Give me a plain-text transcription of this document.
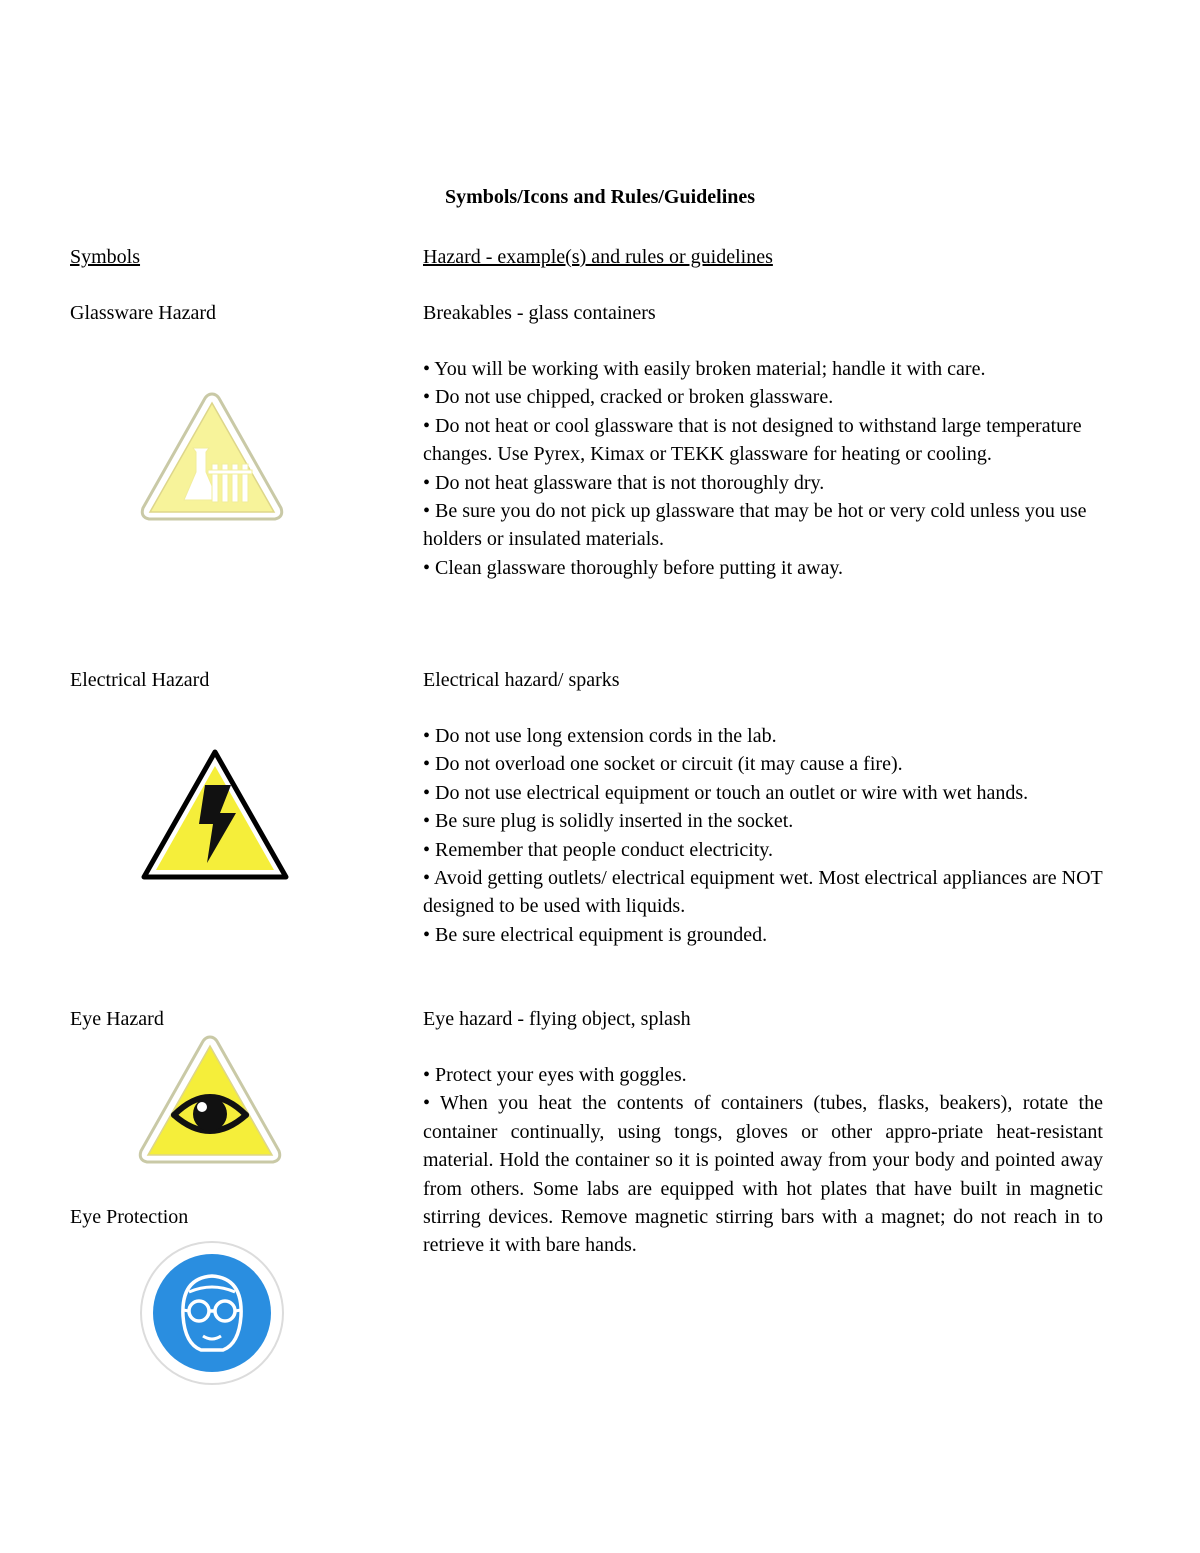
Symbols/Icons and Rules/Guidelines
Symbols	Hazard - example(s) and rules or guidelines
Glassware Hazard	Breakables - glass containers

• You will be working with easily broken material; handle it with care.

• Do not use chipped, cracked or broken glassware.

• Do not heat or cool glassware that is not designed to withstand large temperature changes. Use Pyrex, Kimax or TEKK glassware for heating or cooling.

• Do not heat glassware that is not thoroughly dry.

• Be sure you do not pick up glassware that may be hot or very cold unless you use holders or insulated materials.

• Clean glassware thoroughly before putting it away.

Electrical Hazard	Electrical hazard/ sparks

• Do not use long extension cords in the lab.

• Do not overload one socket or circuit (it may cause a fire).

• Do not use electrical equipment or touch an outlet or wire with wet hands.

• Be sure plug is solidly inserted in the socket.

• Remember that people conduct electricity.

• Avoid getting outlets/ electrical equipment wet. Most electrical appliances are NOT designed to be used with liquids.

• Be sure electrical equipment is grounded.

Eye Hazard	Eye hazard - flying object, splash

• Protect your eyes with goggles.

• When you heat the contents of containers (tubes, flasks, beakers), rotate the container continually, using tongs, gloves or other appro-priate heat-resistant material. Hold the container so it is pointed away from your body and pointed away from others. Some labs are equipped with hot plates that have built in magnetic stirring devices. Remove magnetic stirring bars with a magnet; do not reach in to retrieve it with bare hands.

Eye Protection
